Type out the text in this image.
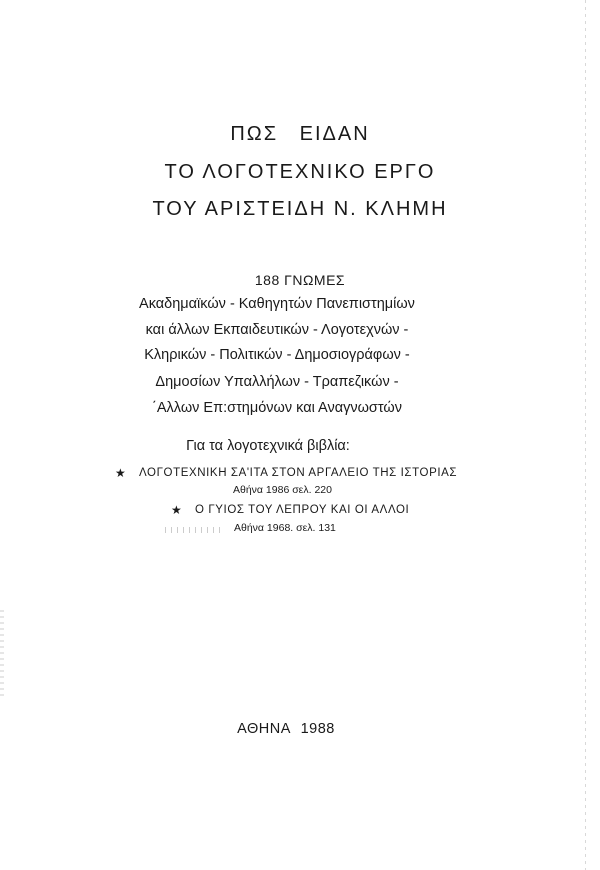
ΠΩΣ ΕΙΔΑΝ
ΤΟ ΛΟΓΟΤΕΧΝΙΚΟ ΕΡΓΟ
ΤΟΥ ΑΡΙΣΤΕΙΔΗ Ν. ΚΛΗΜΗ
188 ΓΝΩΜΕΣ
Ακαδημαϊκών - Καθηγητών Πανεπιστημίων
και άλλων Εκπαιδευτικών - Λογοτεχνών -
Κληρικών - Πολιτικών - Δημοσιογράφων -
Δημοσίων Υπαλλήλων - Τραπεζικών -
΄Αλλων Επ:στημόνων και Αναγνωστών
Για τα λογοτεχνικά βιβλία:
★ ΛΟΓΟΤΕΧΝΙΚΗ ΣΑ'ΙΤΑ ΣΤΟΝ ΑΡΓΑΛΕΙΟ ΤΗΣ ΙΣΤΟΡΙΑΣ
Αθήνα 1986 σελ. 220
★ Ο ΓΥΙΟΣ ΤΟΥ ΛΕΠΡΟΥ ΚΑΙ ΟΙ ΑΛΛΟΙ
Αθήνα 1968. σελ. 131
ΑΘΗΝΑ 1988
